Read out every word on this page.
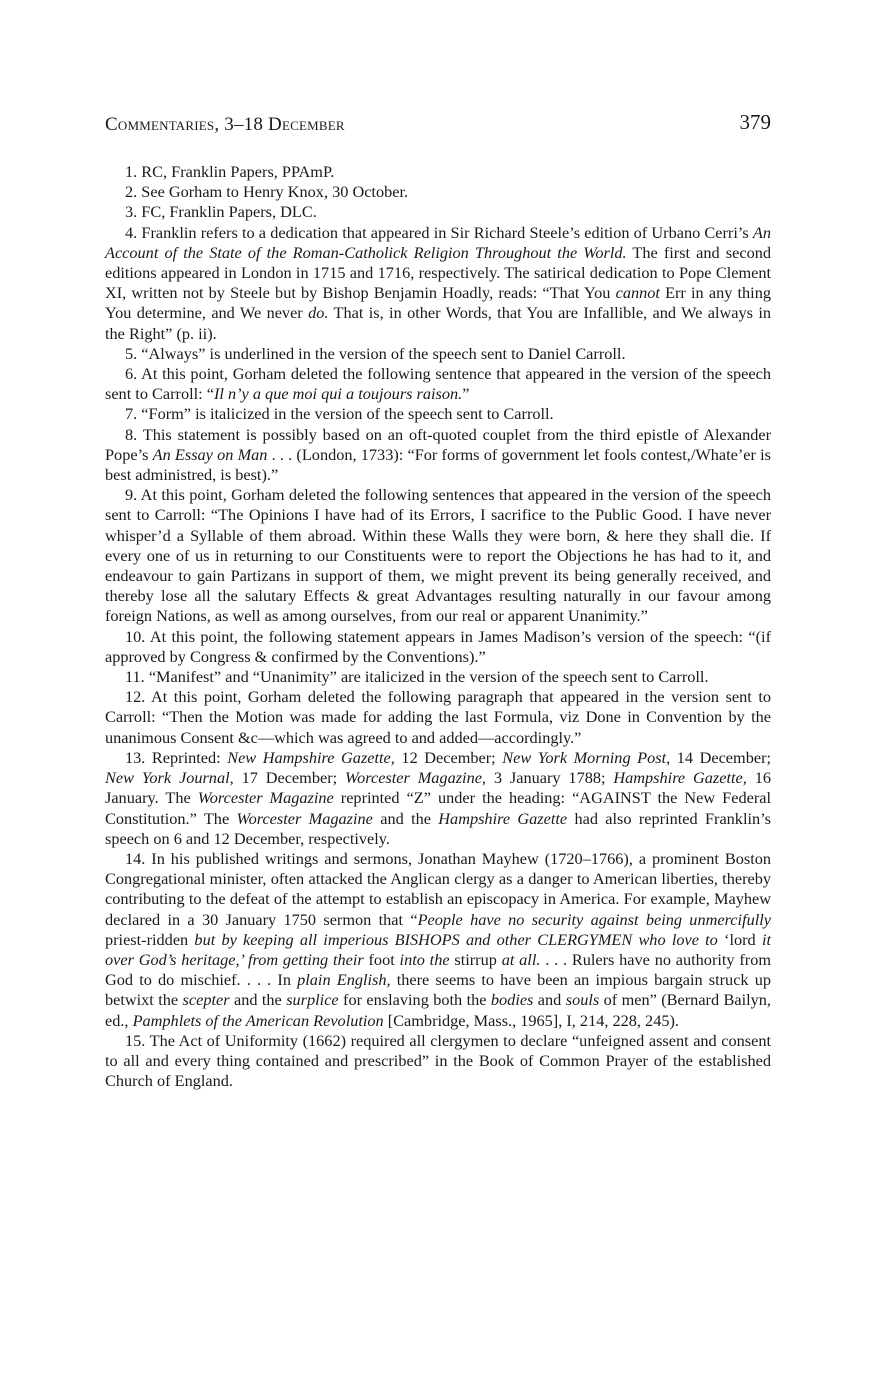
Commentaries, 3–18 December	379

1. RC, Franklin Papers, PPAmP.

2. See Gorham to Henry Knox, 30 October.

3. FC, Franklin Papers, DLC.

4. Franklin refers to a dedication that appeared in Sir Richard Steele’s edition of Urbano Cerri’s An Account of the State of the Roman-Catholick Religion Throughout the World. The first and second editions appeared in London in 1715 and 1716, respectively. The satirical dedication to Pope Clement XI, written not by Steele but by Bishop Benjamin Hoadly, reads: “That You cannot Err in any thing You determine, and We never do. That is, in other Words, that You are Infallible, and We always in the Right” (p. ii).

5. “Always” is underlined in the version of the speech sent to Daniel Carroll.

6. At this point, Gorham deleted the following sentence that appeared in the version of the speech sent to Carroll: “Il n’y a que moi qui a toujours raison.”

7. “Form” is italicized in the version of the speech sent to Carroll.

8. This statement is possibly based on an oft-quoted couplet from the third epistle of Alexander Pope’s An Essay on Man . . . (London, 1733): “For forms of government let fools contest,/Whate’er is best administred, is best).”

9. At this point, Gorham deleted the following sentences that appeared in the version of the speech sent to Carroll: “The Opinions I have had of its Errors, I sacrifice to the Public Good. I have never whisper’d a Syllable of them abroad. Within these Walls they were born, & here they shall die. If every one of us in returning to our Constituents were to report the Objections he has had to it, and endeavour to gain Partizans in support of them, we might prevent its being generally received, and thereby lose all the salutary Effects & great Advantages resulting naturally in our favour among foreign Nations, as well as among ourselves, from our real or apparent Unanimity.”

10. At this point, the following statement appears in James Madison’s version of the speech: “(if approved by Congress & confirmed by the Conventions).”

11. “Manifest” and “Unanimity” are italicized in the version of the speech sent to Carroll.

12. At this point, Gorham deleted the following paragraph that appeared in the version sent to Carroll: “Then the Motion was made for adding the last Formula, viz Done in Convention by the unanimous Consent &c—which was agreed to and added—accordingly.”

13. Reprinted: New Hampshire Gazette, 12 December; New York Morning Post, 14 December; New York Journal, 17 December; Worcester Magazine, 3 January 1788; Hampshire Gazette, 16 January. The Worcester Magazine reprinted “Z” under the heading: “AGAINST the New Federal Constitution.” The Worcester Magazine and the Hampshire Gazette had also reprinted Franklin’s speech on 6 and 12 December, respectively.

14. In his published writings and sermons, Jonathan Mayhew (1720–1766), a prominent Boston Congregational minister, often attacked the Anglican clergy as a danger to American liberties, thereby contributing to the defeat of the attempt to establish an episcopacy in America. For example, Mayhew declared in a 30 January 1750 sermon that “People have no security against being unmercifully priest-ridden but by keeping all imperious BISHOPS and other CLERGYMEN who love to ‘lord it over God’s heritage,’ from getting their foot into the stirrup at all. . . . Rulers have no authority from God to do mischief. . . . In plain English, there seems to have been an impious bargain struck up betwixt the scepter and the surplice for enslaving both the bodies and souls of men” (Bernard Bailyn, ed., Pamphlets of the American Revolution [Cambridge, Mass., 1965], I, 214, 228, 245).

15. The Act of Uniformity (1662) required all clergymen to declare “unfeigned assent and consent to all and every thing contained and prescribed” in the Book of Common Prayer of the established Church of England.
